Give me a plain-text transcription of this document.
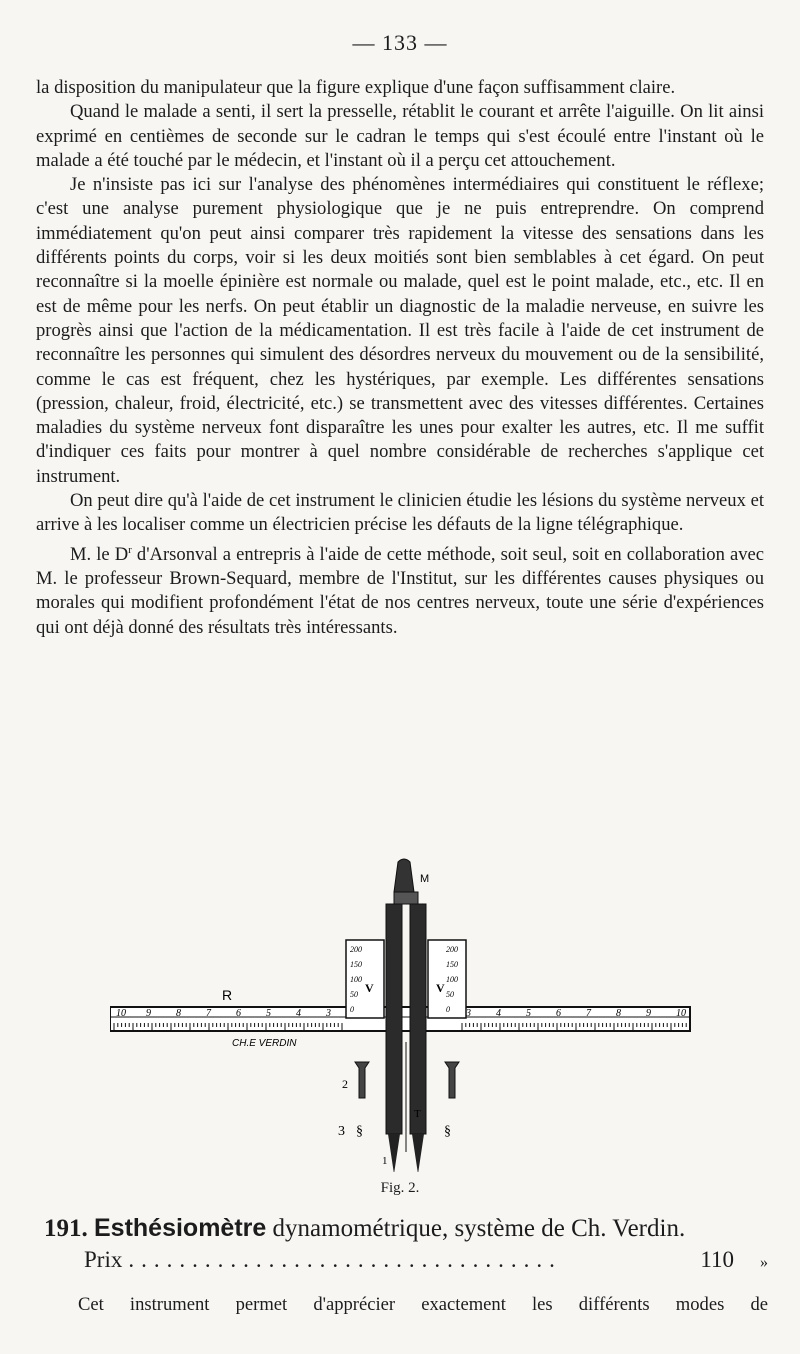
— 133 —

la disposition du manipulateur que la figure explique d'une façon suffisamment claire.

Quand le malade a senti, il sert la presselle, rétablit le courant et arrête l'aiguille. On lit ainsi exprimé en centièmes de seconde sur le cadran le temps qui s'est écoulé entre l'instant où le malade a été touché par le médecin, et l'instant où il a perçu cet attouchement.

Je n'insiste pas ici sur l'analyse des phénomènes intermédiaires qui constituent le réflexe; c'est une analyse purement physiologique que je ne puis entreprendre. On comprend immédiatement qu'on peut ainsi comparer très rapidement la vitesse des sensations dans les différents points du corps, voir si les deux moitiés sont bien semblables à cet égard. On peut reconnaître si la moelle épinière est normale ou malade, quel est le point malade, etc., etc. Il en est de même pour les nerfs. On peut établir un diagnostic de la maladie nerveuse, en suivre les progrès ainsi que l'action de la médicamentation. Il est très facile à l'aide de cet instrument de reconnaître les personnes qui simulent des désordres nerveux du mouvement ou de la sensibilité, comme le cas est fréquent, chez les hystériques, par exemple. Les différentes sensations (pression, chaleur, froid, électricité, etc.) se transmettent avec des vitesses différentes. Certaines maladies du système nerveux font disparaître les unes pour exalter les autres, etc. Il me suffit d'indiquer ces faits pour montrer à quel nombre considérable de recherches s'applique cet instrument.

On peut dire qu'à l'aide de cet instrument le clinicien étudie les lésions du système nerveux et arrive à les localiser comme un électricien précise les défauts de la ligne télégraphique.

M. le $D^r$ d'Arsonval a entrepris à l'aide de cette méthode, soit seul, soit en collaboration avec M. le professeur Brown-Sequard, membre de l'Institut, sur les différentes causes physiques ou morales qui modifient profondément l'état de nos centres nerveux, toute une série d'expériences qui ont déjà donné des résultats très intéressants.

10 9	8	7	6	5	4	3	3	4	5	6	7	8	9	10
R
CH.E VERDIN
M
200
150
100
50
0
200
150
100
50
0
V	V
T
2
3 §	§
1
Fig. 2.
191. Esthésiomètre dynamométrique, système de Ch. Verdin.
Prix ..................................	110 »
Cet instrument permet d'apprécier exactement les différents modes de
